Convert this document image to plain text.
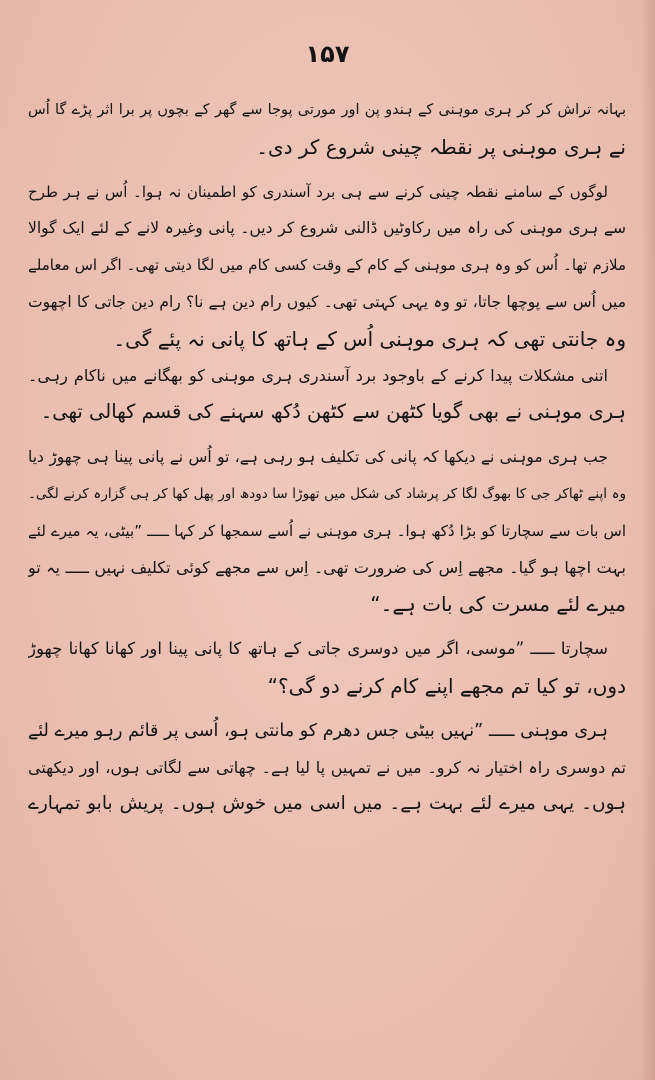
۱۵۷
بہانہ تراش کر کر ہری موہنی کے ہندو پن اور مورتی پوجا سے گھر کے بچوں پر برا اثر پڑے گا اُس
نے ہری موہنی پر نقطہ چینی شروع کر دی۔
لوگوں کے سامنے نقطہ چینی کرنے سے ہی برد آسندری کو اطمینان نہ ہوا۔ اُس نے ہر طرح
سے ہری موہنی کی راہ میں رکاوٹیں ڈالنی شروع کر دیں۔ پانی وغیرہ لانے کے لئے ایک گوالا
ملازم تھا۔ اُس کو وہ ہری موہنی کے کام کے وقت کسی کام میں لگا دیتی تھی۔ اگر اس معاملے
میں اُس سے پوچھا جاتا، تو وہ یہی کہتی تھی۔ کیوں رام دین ہے نا؟ رام دین جاتی کا اچھوت
وہ جانتی تھی کہ ہری موہنی اُس کے ہاتھ کا پانی نہ پئے گی۔
اتنی مشکلات پیدا کرنے کے باوجود برد آسندری ہری موہنی کو بھگانے میں ناکام رہی۔
ہری موہنی نے بھی گویا کٹھن سے کٹھن دُکھ سہنے کی قسم کھالی تھی۔
جب ہری موہنی نے دیکھا کہ پانی کی تکلیف ہو رہی ہے، تو اُس نے پانی پینا ہی چھوڑ دیا
وہ اپنے ٹھاکر جی کا بھوگ لگا کر پرشاد کی شکل میں تھوڑا سا دودھ اور پھل کھا کر ہی گزارہ کرنے لگی۔
اس بات سے سچارتا کو بڑا دُکھ ہوا۔ ہری موہنی نے اُسے سمجھا کر کہا ـــــ ”بیٹی، یہ میرے لئے
بہت اچھا ہو گیا۔ مجھے اِس کی ضرورت تھی۔ اِس سے مجھے کوئی تکلیف نہیں ـــــ یہ تو
میرے لئے مسرت کی بات ہے۔“
سچارتا ـــــ ”موسی، اگر میں دوسری جاتی کے ہاتھ کا پانی پینا اور کھانا کھانا چھوڑ
دوں، تو کیا تم مجھے اپنے کام کرنے دو گی؟“
ہری موہنی ـــــ ”نہیں بیٹی جس دھرم کو مانتی ہو، اُسی پر قائم رہو میرے لئے
تم دوسری راہ اختیار نہ کرو۔ میں نے تمہیں پا لیا ہے۔ چھاتی سے لگاتی ہوں، اور دیکھتی
ہوں۔ یہی میرے لئے بہت ہے۔ میں اسی میں خوش ہوں۔ پریش بابو تمہارے
